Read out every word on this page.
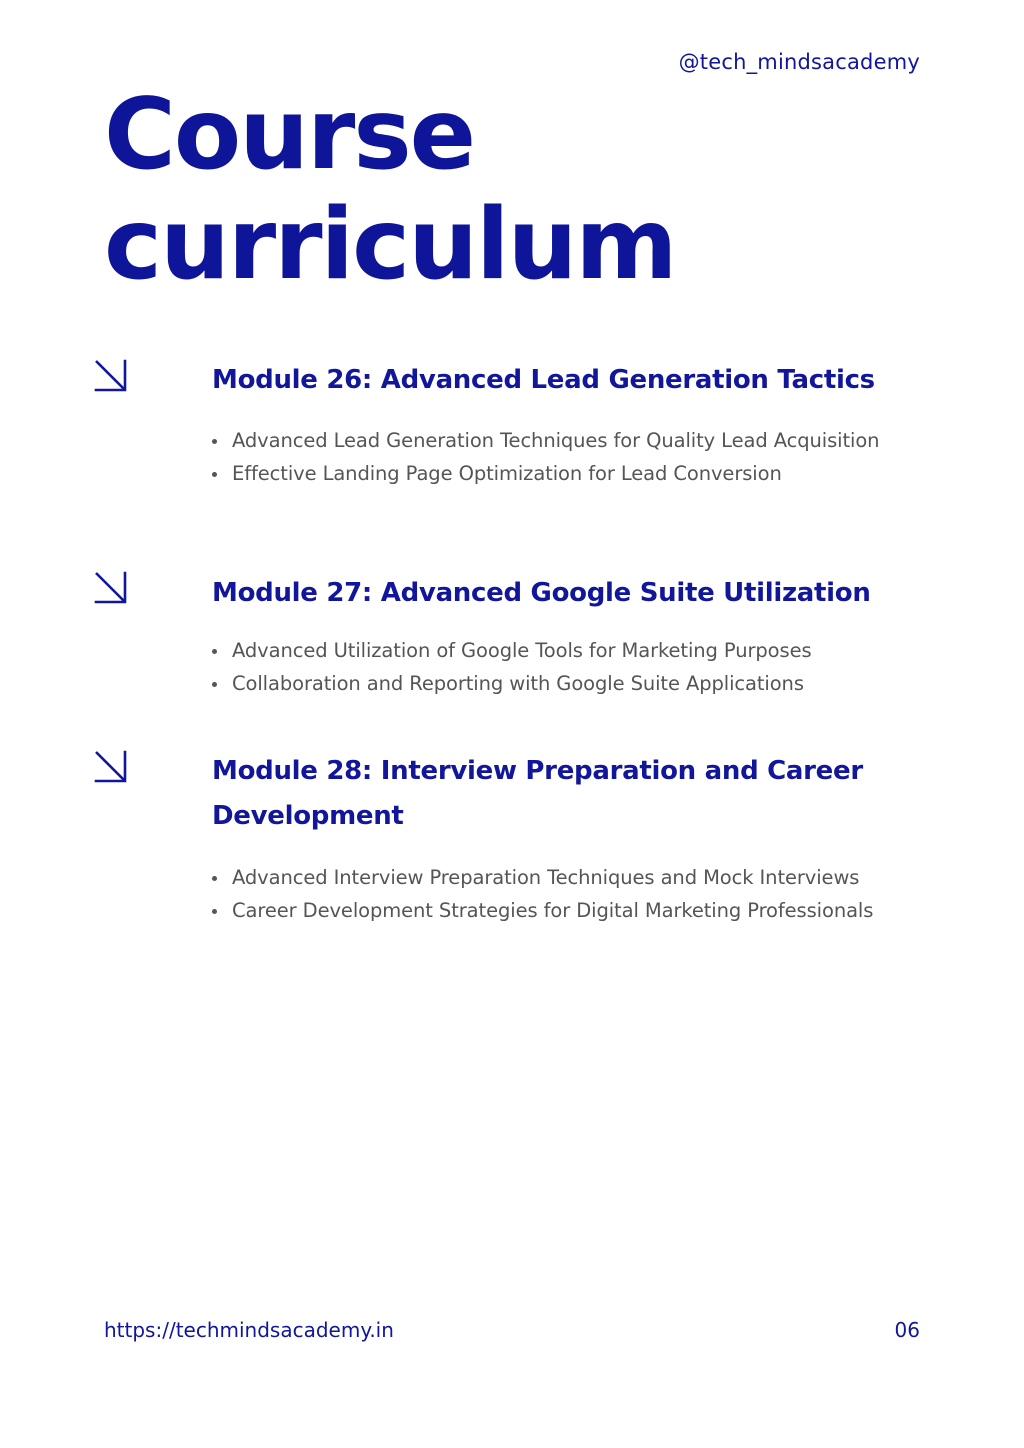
@tech_mindsacademy
Course
curriculum
Module 26: Advanced Lead Generation Tactics
Advanced Lead Generation Techniques for Quality Lead Acquisition
Effective Landing Page Optimization for Lead Conversion
Module 27: Advanced Google Suite Utilization
Advanced Utilization of Google Tools for Marketing Purposes
Collaboration and Reporting with Google Suite Applications
Module 28: Interview Preparation and Career Development
Advanced Interview Preparation Techniques and Mock Interviews
Career Development Strategies for Digital Marketing Professionals
https://techmindsacademy.in	06
